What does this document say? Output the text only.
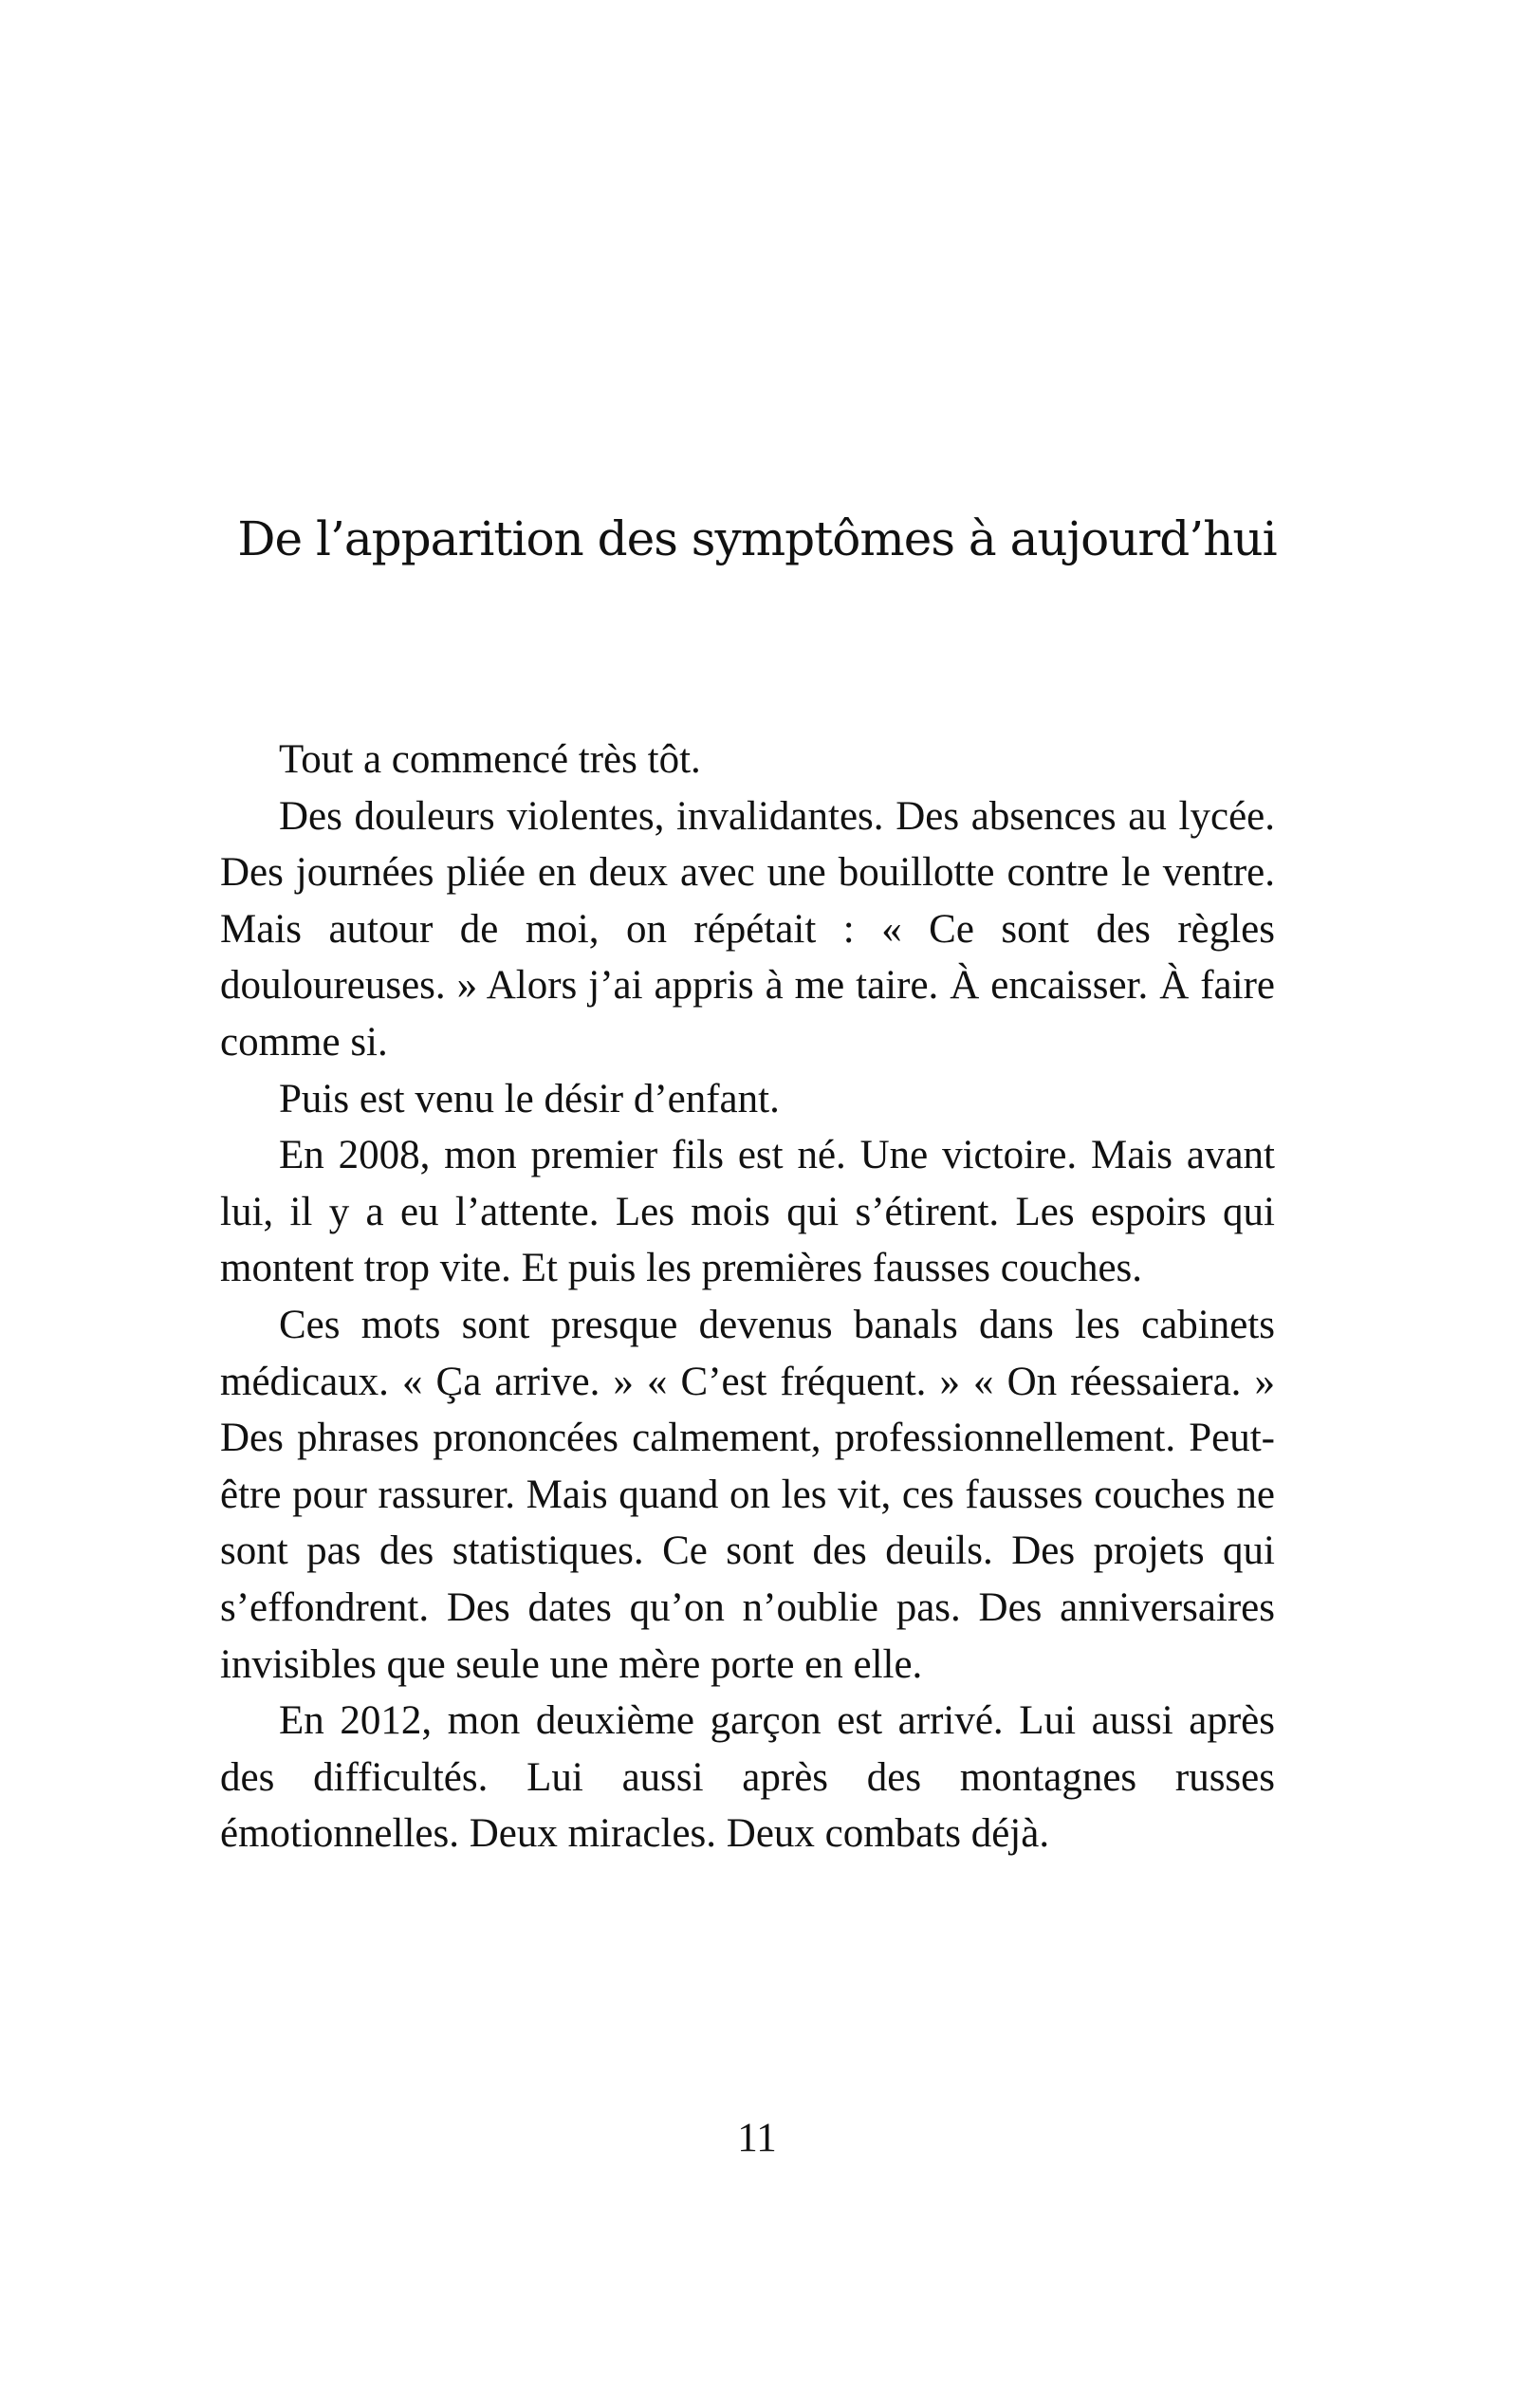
De l’apparition des symptômes à aujourd’hui

Tout a commencé très tôt.

Des douleurs violentes, invalidantes. Des absences au lycée. Des journées pliée en deux avec une bouillotte contre le ventre. Mais autour de moi, on répétait : « Ce sont des règles douloureuses. » Alors j’ai appris à me taire. À encaisser. À faire comme si.

Puis est venu le désir d’enfant.

En 2008, mon premier fils est né. Une victoire. Mais avant lui, il y a eu l’attente. Les mois qui s’étirent. Les espoirs qui montent trop vite. Et puis les premières fausses couches.

Ces mots sont presque devenus banals dans les cabinets médicaux. « Ça arrive. » « C’est fréquent. » « On réessaiera. » Des phrases prononcées calmement, professionnellement. Peut-être pour rassurer. Mais quand on les vit, ces fausses couches ne sont pas des statistiques. Ce sont des deuils. Des projets qui s’effondrent. Des dates qu’on n’oublie pas. Des anniversaires invisibles que seule une mère porte en elle.

En 2012, mon deuxième garçon est arrivé. Lui aussi après des difficultés. Lui aussi après des montagnes russes émotionnelles. Deux miracles. Deux combats déjà.

11
